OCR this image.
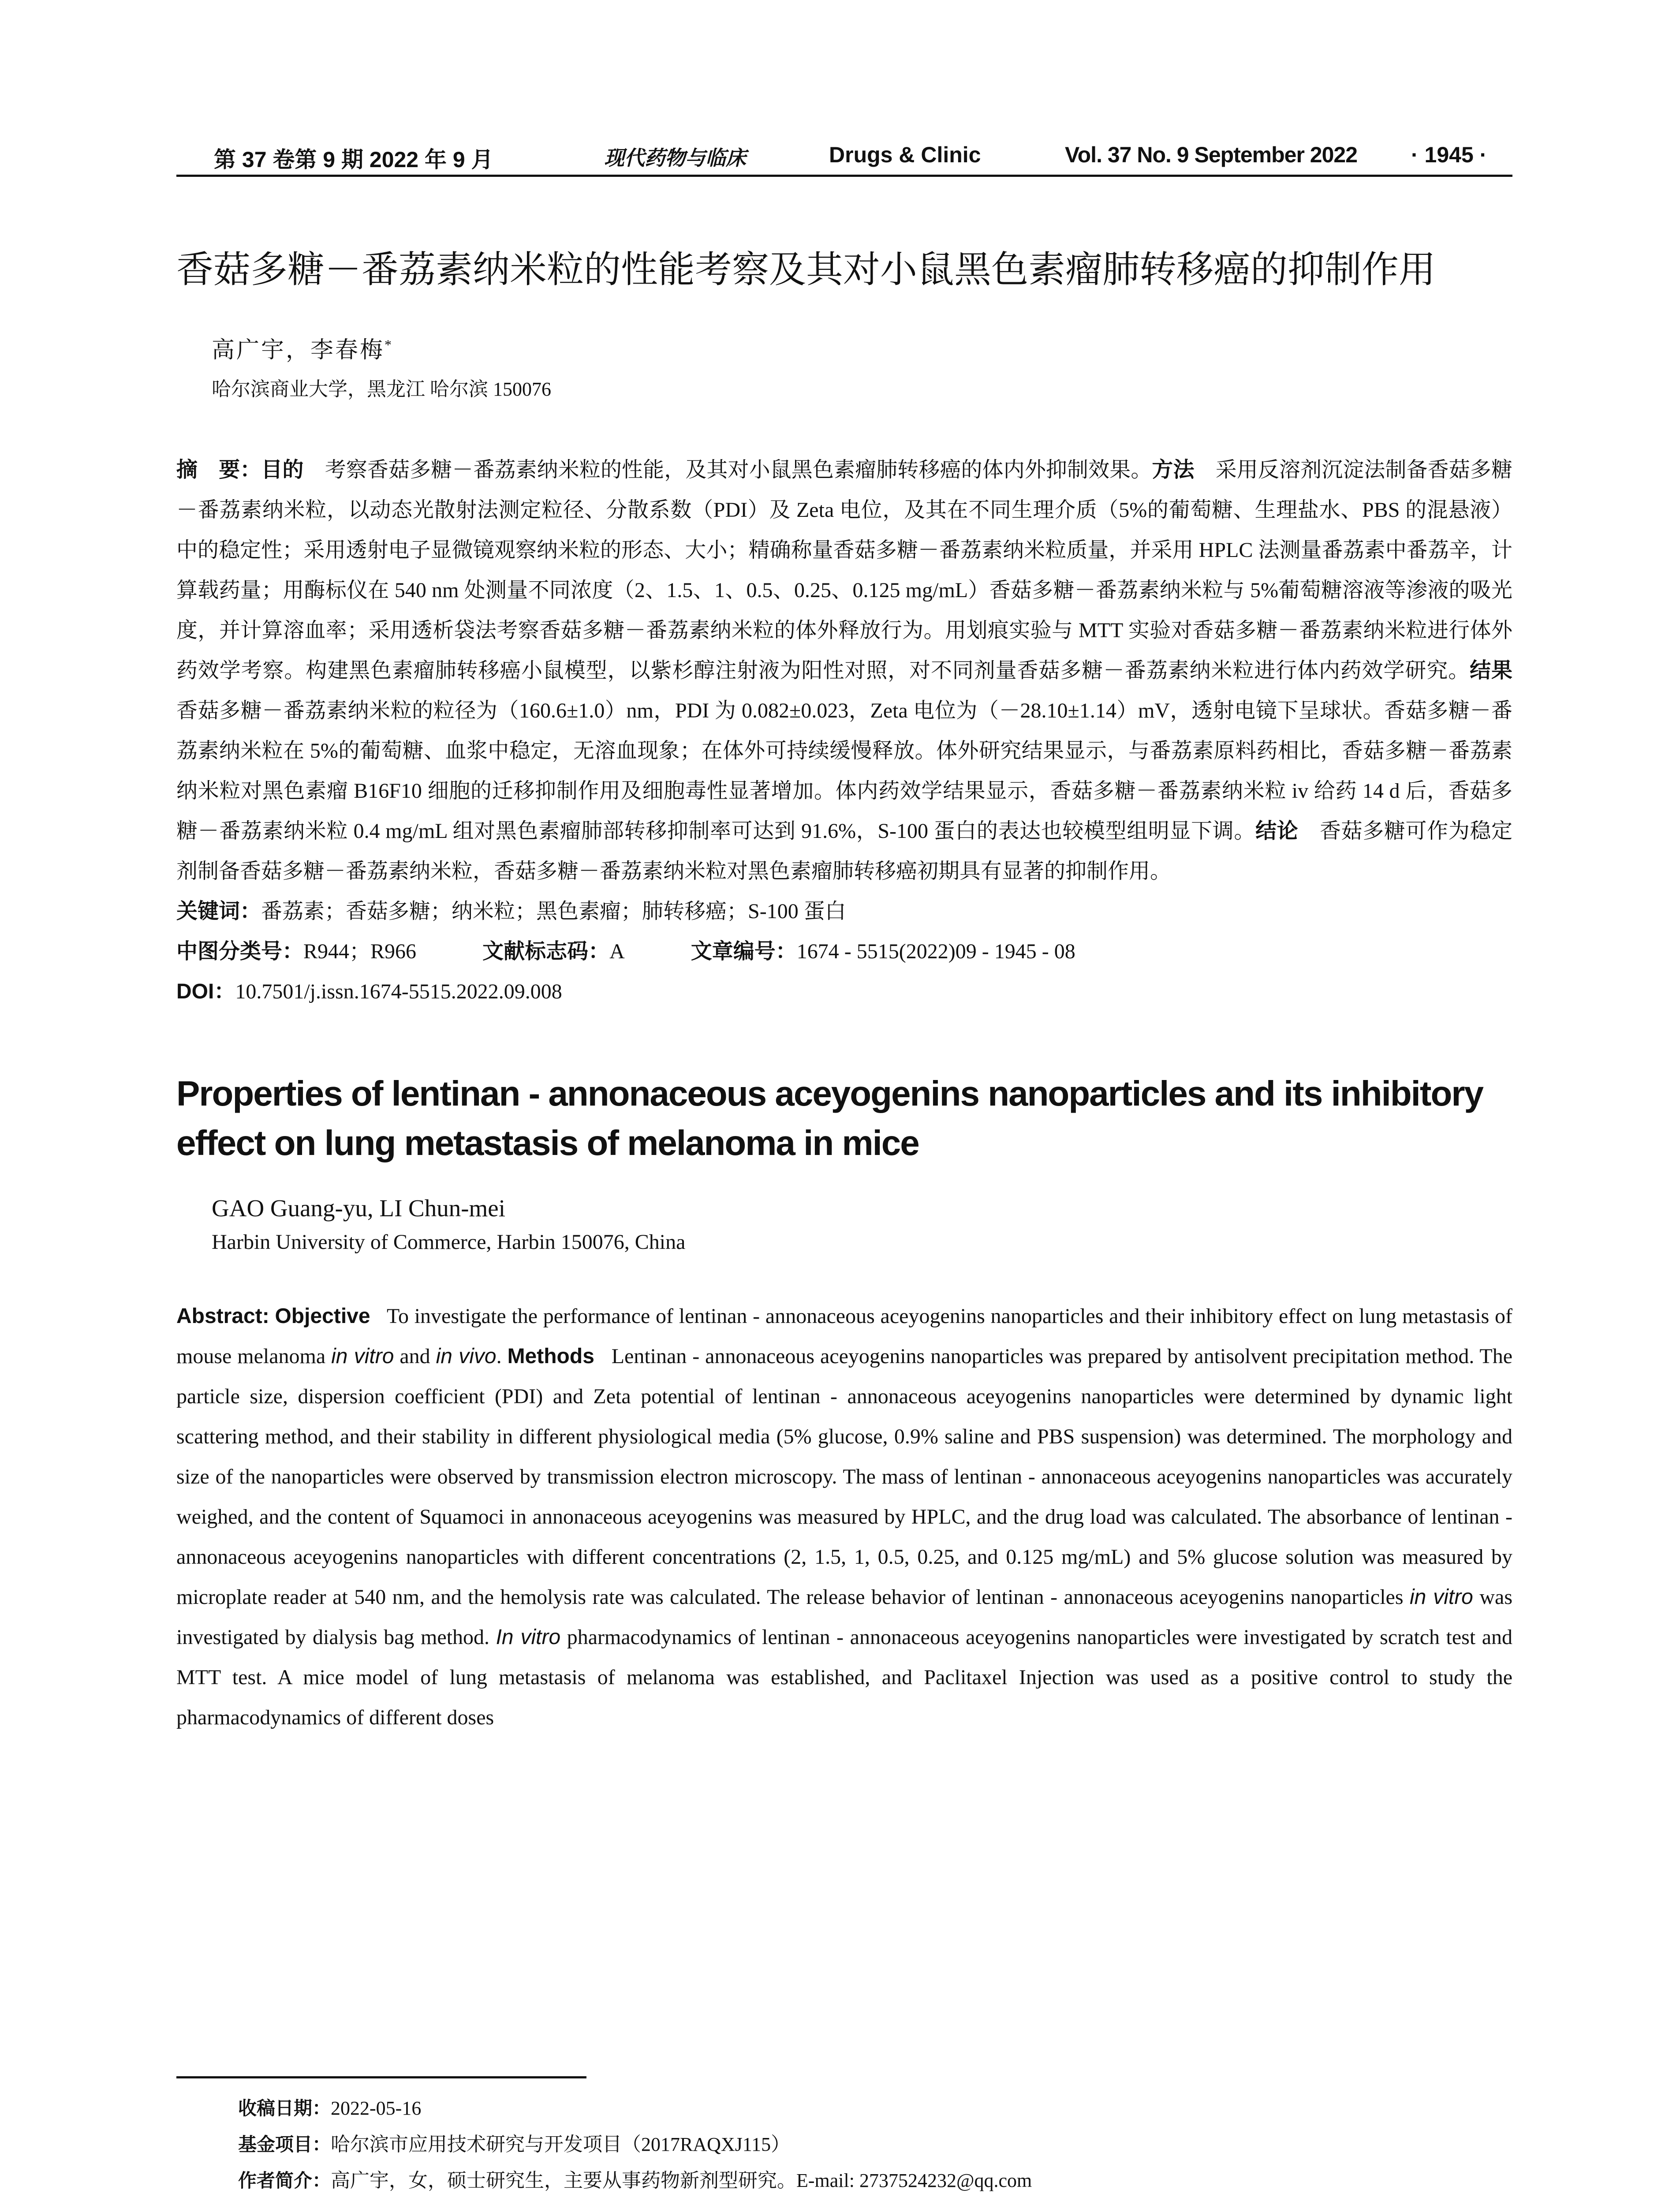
第 37 卷第 9 期 2022 年 9 月	现代药物与临床	Drugs & Clinic	Vol. 37 No. 9 September 2022 · 1945 ·
香菇多糖－番荔素纳米粒的性能考察及其对小鼠黑色素瘤肺转移癌的抑制作用
高广宇，李春梅*
哈尔滨商业大学，黑龙江 哈尔滨 150076
摘　要：目的　 考察香菇多糖－番荔素纳米粒的性能，及其对小鼠黑色素瘤肺转移癌的体内外抑制效果。方法　 采用反溶剂沉淀法制备香菇多糖－番荔素纳米粒，以动态光散射法测定粒径、分散系数（PDI）及 Zeta 电位，及其在不同生理介质（5%的葡萄糖、生理盐水、PBS 的混悬液）中的稳定性；采用透射电子显微镜观察纳米粒的形态、大小；精确称量香菇多糖－番荔素纳米粒质量，并采用 HPLC 法测量番荔素中番荔辛，计算载药量；用酶标仪在 540 nm 处测量不同浓度（2、1.5、1、0.5、0.25、0.125 mg/mL）香菇多糖－番荔素纳米粒与 5%葡萄糖溶液等渗液的吸光度，并计算溶血率；采用透析袋法考察香菇多糖－番荔素纳米粒的体外释放行为。用划痕实验与 MTT 实验对香菇多糖－番荔素纳米粒进行体外药效学考察。构建黑色素瘤肺转移癌小鼠模型，以紫杉醇注射液为阳性对照，对不同剂量香菇多糖－番荔素纳米粒进行体内药效学研究。结果　香菇多糖－番荔素纳米粒的粒径为（160.6±1.0）nm，PDI 为 0.082±0.023，Zeta 电位为（－28.10±1.14）mV，透射电镜下呈球状。香菇多糖－番荔素纳米粒在 5%的葡萄糖、血浆中稳定，无溶血现象；在体外可持续缓慢释放。体外研究结果显示，与番荔素原料药相比，香菇多糖－番荔素纳米粒对黑色素瘤 B16F10 细胞的迁移抑制作用及细胞毒性显著增加。体内药效学结果显示，香菇多糖－番荔素纳米粒 iv 给药 14 d 后，香菇多糖－番荔素纳米粒 0.4 mg/mL 组对黑色素瘤肺部转移抑制率可达到 91.6%，S-100 蛋白的表达也较模型组明显下调。结论　 香菇多糖可作为稳定剂制备香菇多糖－番荔素纳米粒，香菇多糖－番荔素纳米粒对黑色素瘤肺转移癌初期具有显著的抑制作用。
关键词：番荔素；香菇多糖；纳米粒；黑色素瘤；肺转移癌；S-100 蛋白
中图分类号：R944；R966	文献标志码：A	文章编号：1674 - 5515(2022)09 - 1945 - 08
DOI：10.7501/j.issn.1674-5515.2022.09.008
Properties of lentinan - annonaceous aceyogenins nanoparticles and its inhibitory effect on lung metastasis of melanoma in mice
GAO Guang-yu, LI Chun-mei
Harbin University of Commerce, Harbin 150076, China
Abstract: Objective To investigate the performance of lentinan - annonaceous aceyogenins nanoparticles and their inhibitory effect on lung metastasis of mouse melanoma in vitro and in vivo. Methods Lentinan - annonaceous aceyogenins nanoparticles was prepared by antisolvent precipitation method. The particle size, dispersion coefficient (PDI) and Zeta potential of lentinan - annonaceous aceyogenins nanoparticles were determined by dynamic light scattering method, and their stability in different physiological media (5% glucose, 0.9% saline and PBS suspension) was determined. The morphology and size of the nanoparticles were observed by transmission electron microscopy. The mass of lentinan - annonaceous aceyogenins nanoparticles was accurately weighed, and the content of Squamoci in annonaceous aceyogenins was measured by HPLC, and the drug load was calculated. The absorbance of lentinan - annonaceous aceyogenins nanoparticles with different concentrations (2, 1.5, 1, 0.5, 0.25, and 0.125 mg/mL) and 5% glucose solution was measured by microplate reader at 540 nm, and the hemolysis rate was calculated. The release behavior of lentinan - annonaceous aceyogenins nanoparticles in vitro was investigated by dialysis bag method. In vitro pharmacodynamics of lentinan - annonaceous aceyogenins nanoparticles were investigated by scratch test and MTT test. A mice model of lung metastasis of melanoma was established, and Paclitaxel Injection was used as a positive control to study the pharmacodynamics of different doses
收稿日期：2022-05-16
基金项目：哈尔滨市应用技术研究与开发项目（2017RAQXJ115）
作者简介：高广宇，女，硕士研究生，主要从事药物新剂型研究。E-mail: 2737524232@qq.com
